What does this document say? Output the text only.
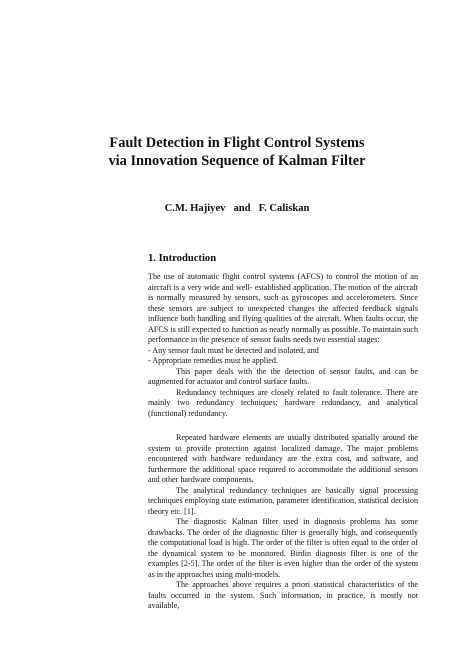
Fault Detection in Flight Control Systems
via Innovation Sequence of Kalman Filter
C.M. Hajiyev and F. Caliskan
1. Introduction

The use of automatic flight control systems (AFCS) to control the motion of an aircraft is a very wide and well- established application. The motion of the aircraft is normally measured by sensors, such as gyroscopes and accelerometers. Since these sensors are subject to unexpected changes the affected feedback signals influence both handling and flying qualities of the aircraft. When faults occur, the AFCS is still expected to function as nearly normally as possible. To maintain such performance in the presence of sensor faults needs two essential stages:

- Any sensor fault must be detected and isolated, and
- Appropriate remedies must be applied.

This paper deals with the the detection of sensor faults, and can be augmented for actuator and control surface faults.

Redundancy techniques are closely related to fault tolerance. There are mainly two redundancy techniques; hardware redundancy, and analytical (functional) redundancy.

Repeated hardware elements are usually distributed spatially around the system to provide protection against localized damage. The major problems encountered with hardware redundancy are the extra cost, and software, and furthermore the additional space required to accommodate the additional sensors and other hardware components.

The analytical redundancy techniques are basically signal processing techniques employing state estimation, parameter identification, statistical decision theory etc. [1].

The diagnostic Kalman filter used in diagnosis problems has some drawbacks. The order of the diagnostic filter is generally high, and consequently the computational load is high. The order of the filter is often equal to the order of the dynamical system to be monitored. Birdin diagnosis filter is one of the examples [2-5]. The order of the filter is even higher than the order of the system as in the approaches using multi-models.

The approaches above requires a priori statistical characteristics of the faults occurred in the system. Such information, in practice, is mostly not available,
